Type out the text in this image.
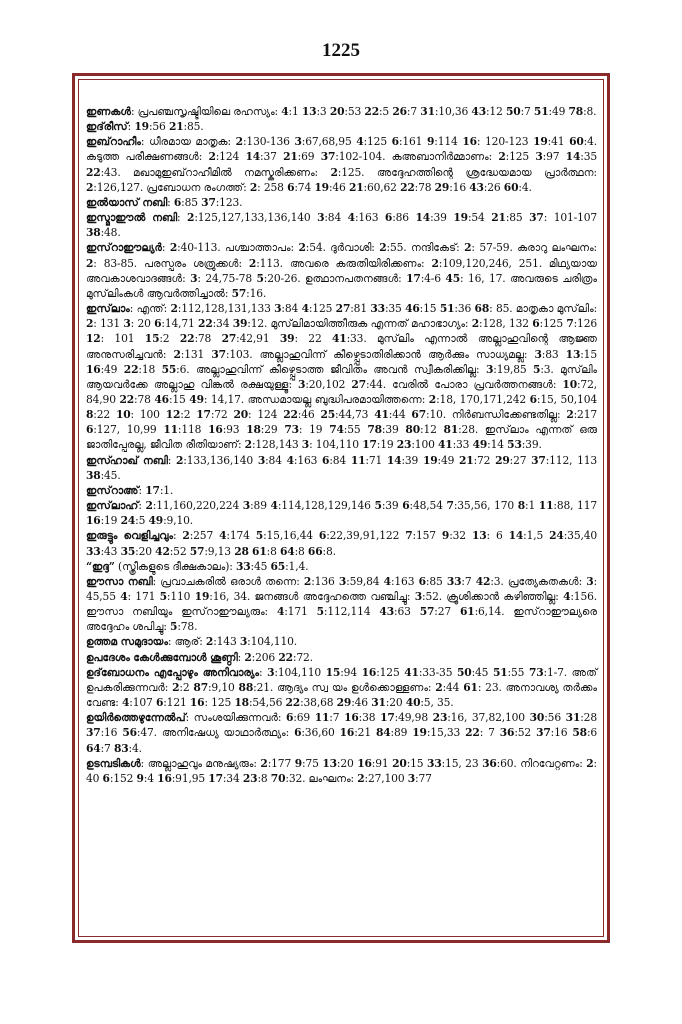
1225

ഇണകൾ: പ്രപഞ്ചസൃഷ്ടിയിലെ രഹസ്യം: 4:1 13:3 20:53 22:5 26:7 31:10,36 43:12 50:7 51:49 78:8.

ഇദ്‌രീസ്: 19:56 21:85.

ഇബ്‌റാഹീം: ധീരമായ മാതൃക: 2:130-136 3:67,68,95 4:125 6:161 9:114 16: 120-123 19:41 60:4. കടുത്ത പരീക്ഷണങ്ങൾ: 2:124 14:37 21:69 37:102-104. കഅബാനിർമ്മാണം: 2:125 3:97 14:35 22:43. മഖാമുഇബ്‌റാഹീമിൽ നമസ്കരിക്കണം: 2:125. അദ്ദേഹത്തിന്റെ ശ്രദ്ധേയമായ പ്രാർത്ഥന: 2:126,127. പ്രബോധന രംഗത്ത്: 2: 258 6:74 19:46 21:60,62 22:78 29:16 43:26 60:4.

ഇൽയാസ് നബി: 6:85 37:123.

ഇസ്മാഈൽ നബി: 2:125,127,133,136,140 3:84 4:163 6:86 14:39 19:54 21:85 37: 101-107 38:48.

ഇസ്‌റാഈല്യർ: 2:40-113. പശ്ചാത്താപം: 2:54. ദുർവാശി: 2:55. നന്ദികേട്: 2: 57-59. കരാറു ലംഘനം: 2: 83-85. പരസ്പരം ശത്രുക്കൾ: 2:113. അവരെ കരുതിയിരിക്കണം: 2:109,120,246, 251. മിഥ്യയായ അവകാശവാദങ്ങൾ: 3: 24,75-78 5:20-26. ഉത്ഥാനപതനങ്ങൾ: 17:4-6 45: 16, 17. അവരുടെ ചരിത്രം മുസ്‌ലിംകൾ ആവർത്തിച്ചാൽ: 57:16.

ഇസ്‌ലാം: എന്ത്: 2:112,128,131,133 3:84 4:125 27:81 33:35 46:15 51:36 68: 85. മാതൃകാ മുസ്‌ലിം: 2: 131 3: 20 6:14,71 22:34 39:12. മുസ്‌ലിമായിത്തീരുക എന്നത് മഹാഭാഗ്യം: 2:128, 132 6:125 7:126 12: 101 15:2 22:78 27:42,91 39: 22 41:33. മുസ്‌ലിം എന്നാൽ അല്ലാഹുവിന്റെ ആജ്ഞ അനുസരിച്ചവൻ: 2:131 37:103. അല്ലാഹുവിന്ന് കീഴ്പ്പെടാതിരിക്കാൻ ആർക്കും സാധ്യമല്ല: 3:83 13:15 16:49 22:18 55:6. അല്ലാഹുവിന്ന് കീഴ്പ്പെടാത്ത ജീവിതം അവൻ സ്വീകരിക്കില്ല: 3:19,85 5:3. മുസ്‌ലിം ആയവർക്കേ അല്ലാഹു വിങ്കൽ രക്ഷയുള്ളൂ: 3:20,102 27:44. വേരിൽ പോരാ പ്രവർത്തനങ്ങൾ: 10:72, 84,90 22:78 46:15 49: 14,17. അന്ധമായല്ല ബുദ്ധിപരമായിത്തന്നെ: 2:18, 170,171,242 6:15, 50,104 8:22 10: 100 12:2 17:72 20: 124 22:46 25:44,73 41:44 67:10. നിർബന്ധിക്കേണ്ടതില്ല: 2:217 6:127, 10,99 11:118 16:93 18:29 73: 19 74:55 78:39 80:12 81:28. ഇസ്‌ലാം എന്നത് ഒരു ജാതിപ്പേരല്ല, ജീവിത രീതിയാണ്: 2:128,143 3: 104,110 17:19 23:100 41:33 49:14 53:39.

ഇസ്ഹാഖ് നബി: 2:133,136,140 3:84 4:163 6:84 11:71 14:39 19:49 21:72 29:27 37:112, 113 38:45.

ഇസ്‌റാഅ്: 17:1.

ഇസ്‌ലാഹ്: 2:11,160,220,224 3:89 4:114,128,129,146 5:39 6:48,54 7:35,56, 170 8:1 11:88, 117 16:19 24:5 49:9,10.

ഇരുട്ടും വെളിച്ചവും: 2:257 4:174 5:15,16,44 6:22,39,91,122 7:157 9:32 13: 6 14:1,5 24:35,40 33:43 35:20 42:52 57:9,13 28 61:8 64:8 66:8.

“ഇദ്ദ” (സ്ത്രീകളുടെ ദീക്ഷകാലം): 33:45 65:1,4.

ഈസാ നബി: പ്രവാചകരിൽ ഒരാൾ തന്നെ: 2:136 3:59,84 4:163 6:85 33:7 42:3. പ്രത്യേകതകൾ: 3: 45,55 4: 171 5:110 19:16, 34. ജനങ്ങൾ അദ്ദേഹത്തെ വഞ്ചിച്ചു: 3:52. ക്രൂശിക്കാൻ കഴിഞ്ഞില്ല: 4:156. ഈസാ നബിയും ഇസ്‌റാഈല്യരും: 4:171 5:112,114 43:63 57:27 61:6,14. ഇസ്‌റാഈല്യരെ അദ്ദേഹം ശപിച്ചു: 5:78.

ഉത്തമ സമുദായം: ആര്: 2:143 3:104,110.

ഉപദേശം കേൾക്കുമ്പോൾ ശൂണ്ഠി: 2:206 22:72.

ഉദ്‌ബോധനം എപ്പോഴും അനിവാര്യം: 3:104,110 15:94 16:125 41:33-35 50:45 51:55 73:1-7. അത് ഉപകരിക്കുന്നവർ: 2:2 87:9,10 88:21. ആദ്യം സ്വ യം ഉൾക്കൊള്ളണം: 2:44 61: 23. അനാവശ്യ തർക്കം വേണ്ട: 4:107 6:121 16: 125 18:54,56 22:38,68 29:46 31:20 40:5, 35.

ഉയിർത്തെഴുന്നേൽപ്: സംശയിക്കുന്നവർ: 6:69 11:7 16:38 17:49,98 23:16, 37,82,100 30:56 31:28 37:16 56:47. അനിഷേധ്യ യാഥാർത്ഥ്യം: 6:36,60 16:21 84:89 19:15,33 22: 7 36:52 37:16 58:6 64:7 83:4.

ഉടമ്പടികൾ: അല്ലാഹുവും മനുഷ്യരും: 2:177 9:75 13:20 16:91 20:15 33:15, 23 36:60. നിറവേറ്റണം: 2: 40 6:152 9:4 16:91,95 17:34 23:8 70:32. ലംഘനം: 2:27,100 3:77
